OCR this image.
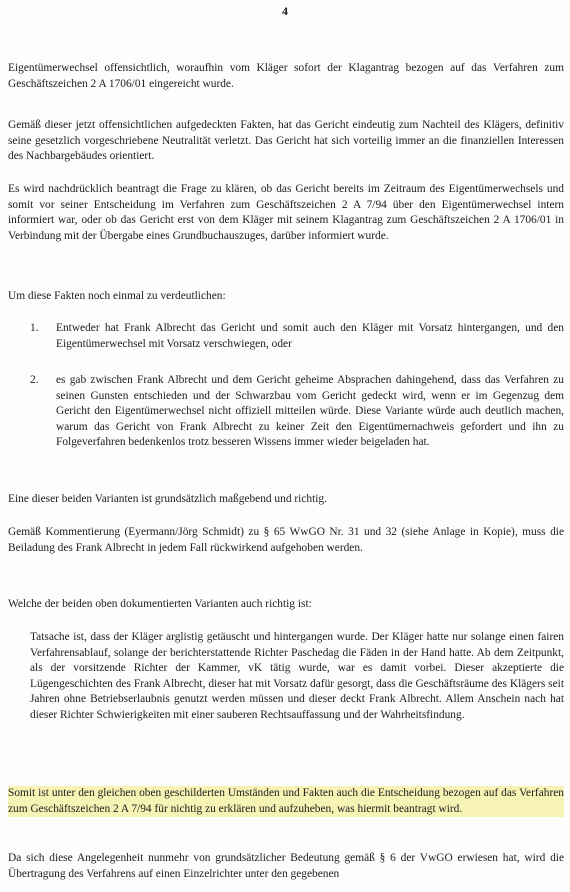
4

Eigentümerwechsel offensichtlich, woraufhin vom Kläger sofort der Klagantrag bezogen auf das Verfahren zum Geschäftszeichen 2 A 1706/01 eingereicht wurde.

Gemäß dieser jetzt offensichtlichen aufgedeckten Fakten, hat das Gericht eindeutig zum Nachteil des Klägers, definitiv seine gesetzlich vorgeschriebene Neutralität verletzt. Das Gericht hat sich vorteilig immer an die finanziellen Interessen des Nachbargebäudes orientiert.

Es wird nachdrücklich beantragt die Frage zu klären, ob das Gericht bereits im Zeitraum des Eigentümerwechsels und somit vor seiner Entscheidung im Verfahren zum Geschäftszeichen 2 A 7/94 über den Eigentümerwechsel intern informiert war, oder ob das Gericht erst von dem Kläger mit seinem Klagantrag zum Geschäftszeichen 2 A 1706/01 in Verbindung mit der Übergabe eines Grundbuchauszuges, darüber informiert wurde.

Um diese Fakten noch einmal zu verdeutlichen:

1. Entweder hat Frank Albrecht das Gericht und somit auch den Kläger mit Vorsatz hintergangen, und den Eigentümerwechsel mit Vorsatz verschwiegen, oder

2. es gab zwischen Frank Albrecht und dem Gericht geheime Absprachen dahingehend, dass das Verfahren zu seinen Gunsten entschieden und der Schwarzbau vom Gericht gedeckt wird, wenn er im Gegenzug dem Gericht den Eigentümerwechsel nicht offiziell mitteilen würde. Diese Variante würde auch deutlich machen, warum das Gericht von Frank Albrecht zu keiner Zeit den Eigentümernachweis gefordert und ihn zu Folgeverfahren bedenkenlos trotz besseren Wissens immer wieder beigeladen hat.

Eine dieser beiden Varianten ist grundsätzlich maßgebend und richtig.

Gemäß Kommentierung (Eyermann/Jörg Schmidt) zu § 65 WwGO Nr. 31 und 32 (siehe Anlage in Kopie), muss die Beiladung des Frank Albrecht in jedem Fall rückwirkend aufgehoben werden.

Welche der beiden oben dokumentierten Varianten auch richtig ist:

Tatsache ist, dass der Kläger arglistig getäuscht und hintergangen wurde. Der Kläger hatte nur solange einen fairen Verfahrensablauf, solange der berichterstattende Richter Paschedag die Fäden in der Hand hatte. Ab dem Zeitpunkt, als der vorsitzende Richter der Kammer, vK tätig wurde, war es damit vorbei. Dieser akzeptierte die Lügengeschichten des Frank Albrecht, dieser hat mit Vorsatz dafür gesorgt, dass die Geschäftsräume des Klägers seit Jahren ohne Betriebserlaubnis genutzt werden müssen und dieser deckt Frank Albrecht. Allem Anschein nach hat dieser Richter Schwierigkeiten mit einer sauberen Rechtsauffassung und der Wahrheitsfindung.

Somit ist unter den gleichen oben geschilderten Umständen und Fakten auch die Entscheidung bezogen auf das Verfahren zum Geschäftszeichen 2 A 7/94 für nichtig zu erklären und aufzuheben, was hiermit beantragt wird.

Da sich diese Angelegenheit nunmehr von grundsätzlicher Bedeutung gemäß § 6 der VwGO erwiesen hat, wird die Übertragung des Verfahrens auf einen Einzelrichter unter den gegebenen
